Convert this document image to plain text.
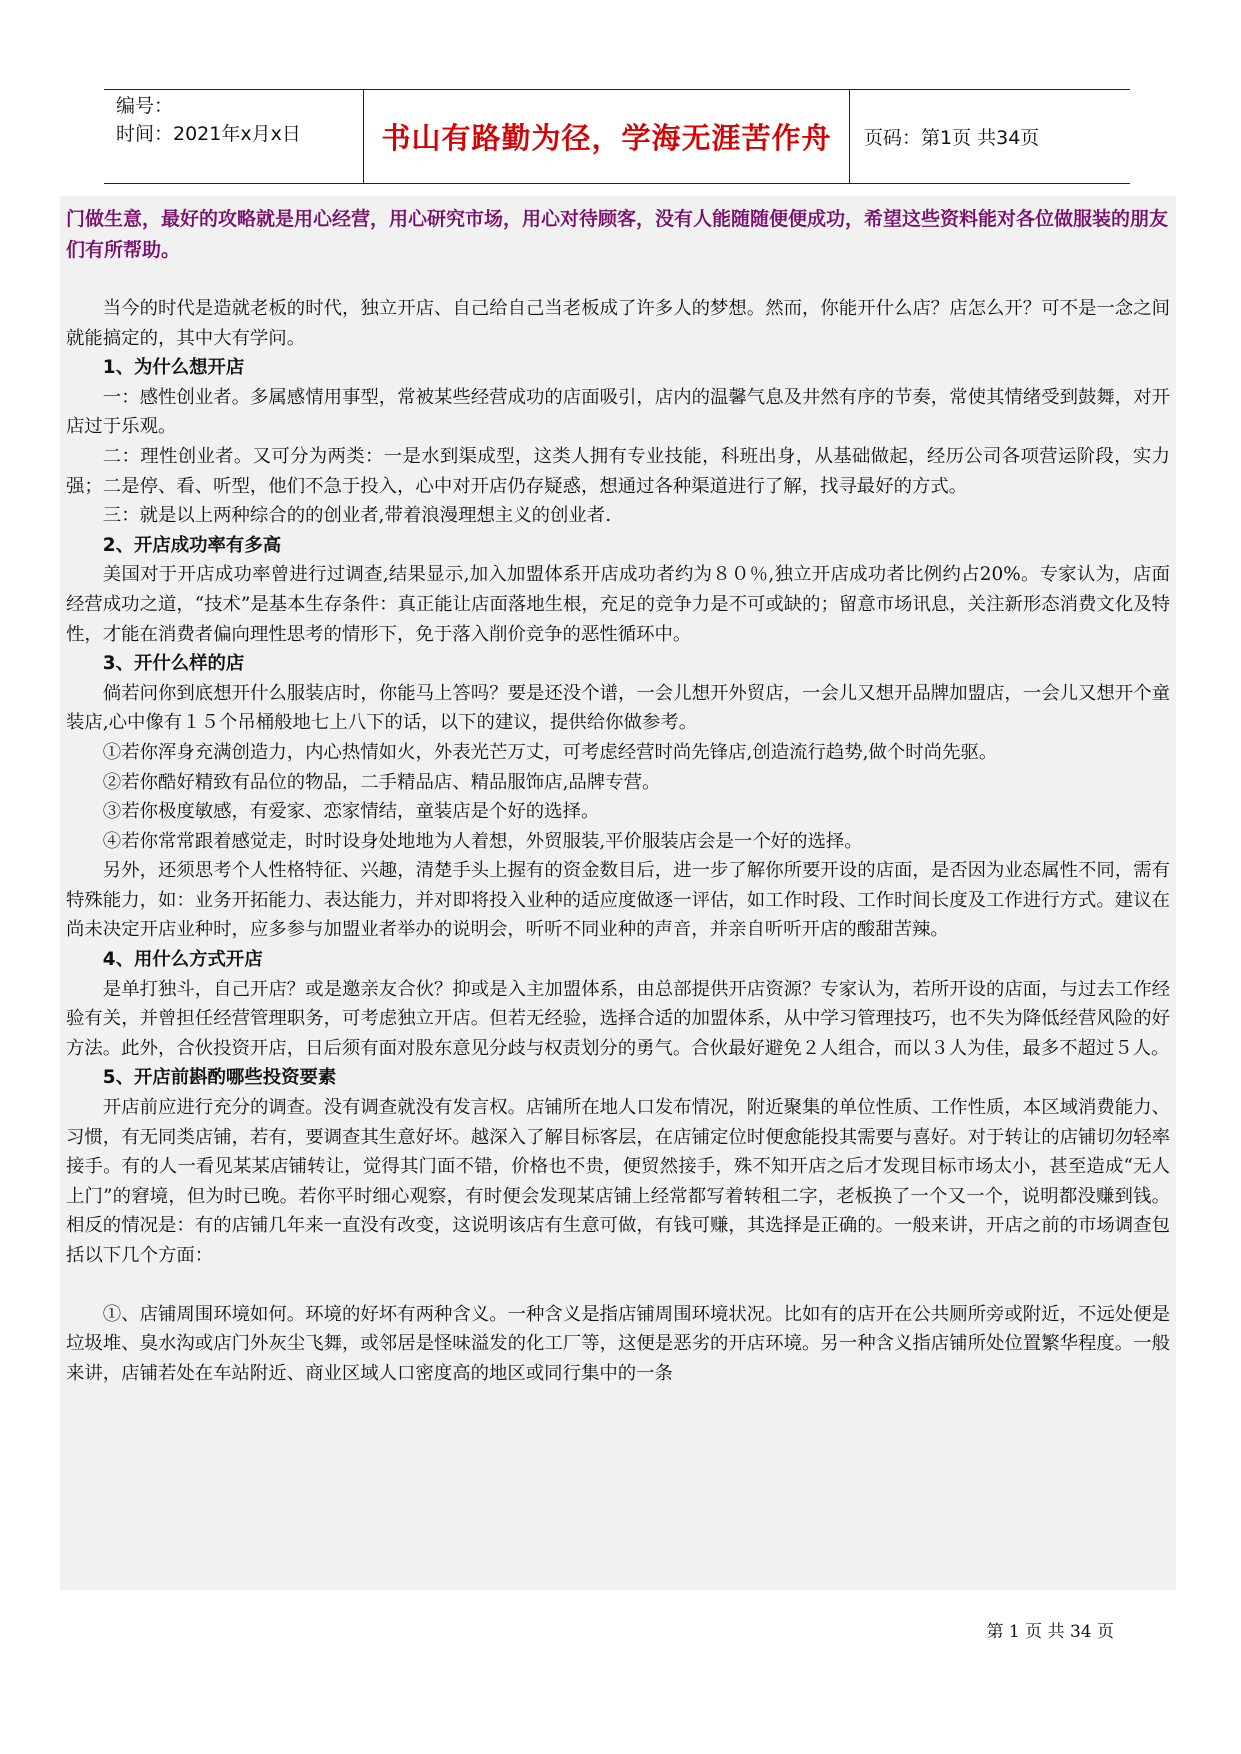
编号：
时间：2021年x月x日	书山有路勤为径，学海无涯苦作舟 页码：第1页 共34页

门做生意，最好的攻略就是用心经营，用心研究市场，用心对待顾客，没有人能随随便便成功，希望这些资料能对各位做服装的朋友们有所帮助。

当今的时代是造就老板的时代，独立开店、自己给自己当老板成了许多人的梦想。然而，你能开什么店？店怎么开？可不是一念之间就能搞定的，其中大有学问。

1、为什么想开店

一：感性创业者。多属感情用事型，常被某些经营成功的店面吸引，店内的温馨气息及井然有序的节奏，常使其情绪受到鼓舞，对开店过于乐观。

二：理性创业者。又可分为两类：一是水到渠成型，这类人拥有专业技能，科班出身，从基础做起，经历公司各项营运阶段，实力强；二是停、看、听型，他们不急于投入，心中对开店仍存疑惑，想通过各种渠道进行了解，找寻最好的方式。

三：就是以上两种综合的的创业者,带着浪漫理想主义的创业者.

2、开店成功率有多高

美国对于开店成功率曾进行过调查,结果显示,加入加盟体系开店成功者约为８０％,独立开店成功者比例约占20%。专家认为，店面经营成功之道，“技术”是基本生存条件：真正能让店面落地生根，充足的竞争力是不可或缺的；留意市场讯息，关注新形态消费文化及特性，才能在消费者偏向理性思考的情形下，免于落入削价竞争的恶性循环中。

3、开什么样的店

倘若问你到底想开什么服装店时，你能马上答吗？要是还没个谱，一会儿想开外贸店，一会儿又想开品牌加盟店，一会儿又想开个童装店,心中像有１５个吊桶般地七上八下的话，以下的建议，提供给你做参考。

①若你浑身充满创造力，内心热情如火，外表光芒万丈，可考虑经营时尚先锋店,创造流行趋势,做个时尚先驱。

②若你酷好精致有品位的物品，二手精品店、精品服饰店,品牌专营。

③若你极度敏感，有爱家、恋家情结，童装店是个好的选择。

④若你常常跟着感觉走，时时设身处地地为人着想，外贸服装,平价服装店会是一个好的选择。

另外，还须思考个人性格特征、兴趣，清楚手头上握有的资金数目后，进一步了解你所要开设的店面，是否因为业态属性不同，需有特殊能力，如：业务开拓能力、表达能力，并对即将投入业种的适应度做逐一评估，如工作时段、工作时间长度及工作进行方式。建议在尚未决定开店业种时，应多参与加盟业者举办的说明会，听听不同业种的声音，并亲自听听开店的酸甜苦辣。

4、用什么方式开店

是单打独斗，自己开店？或是邀亲友合伙？抑或是入主加盟体系，由总部提供开店资源？专家认为，若所开设的店面，与过去工作经验有关，并曾担任经营管理职务，可考虑独立开店。但若无经验，选择合适的加盟体系，从中学习管理技巧，也不失为降低经营风险的好方法。此外，合伙投资开店，日后须有面对股东意见分歧与权责划分的勇气。合伙最好避免２人组合，而以３人为佳，最多不超过５人。

5、开店前斟酌哪些投资要素

开店前应进行充分的调查。没有调查就没有发言权。店铺所在地人口发布情况，附近聚集的单位性质、工作性质，本区域消费能力、习惯，有无同类店铺，若有，要调查其生意好坏。越深入了解目标客层，在店铺定位时便愈能投其需要与喜好。对于转让的店铺切勿轻率接手。有的人一看见某某店铺转让，觉得其门面不错，价格也不贵，便贸然接手，殊不知开店之后才发现目标市场太小，甚至造成“无人上门”的窘境，但为时已晚。若你平时细心观察，有时便会发现某店铺上经常都写着转租二字，老板换了一个又一个，说明都没赚到钱。相反的情况是：有的店铺几年来一直没有改变，这说明该店有生意可做，有钱可赚，其选择是正确的。一般来讲，开店之前的市场调查包括以下几个方面：

①、店铺周围环境如何。环境的好坏有两种含义。一种含义是指店铺周围环境状况。比如有的店开在公共厕所旁或附近，不远处便是垃圾堆、臭水沟或店门外灰尘飞舞，或邻居是怪味溢发的化工厂等，这便是恶劣的开店环境。另一种含义指店铺所处位置繁华程度。一般来讲，店铺若处在车站附近、商业区域人口密度高的地区或同行集中的一条

第 1 页 共 34 页
